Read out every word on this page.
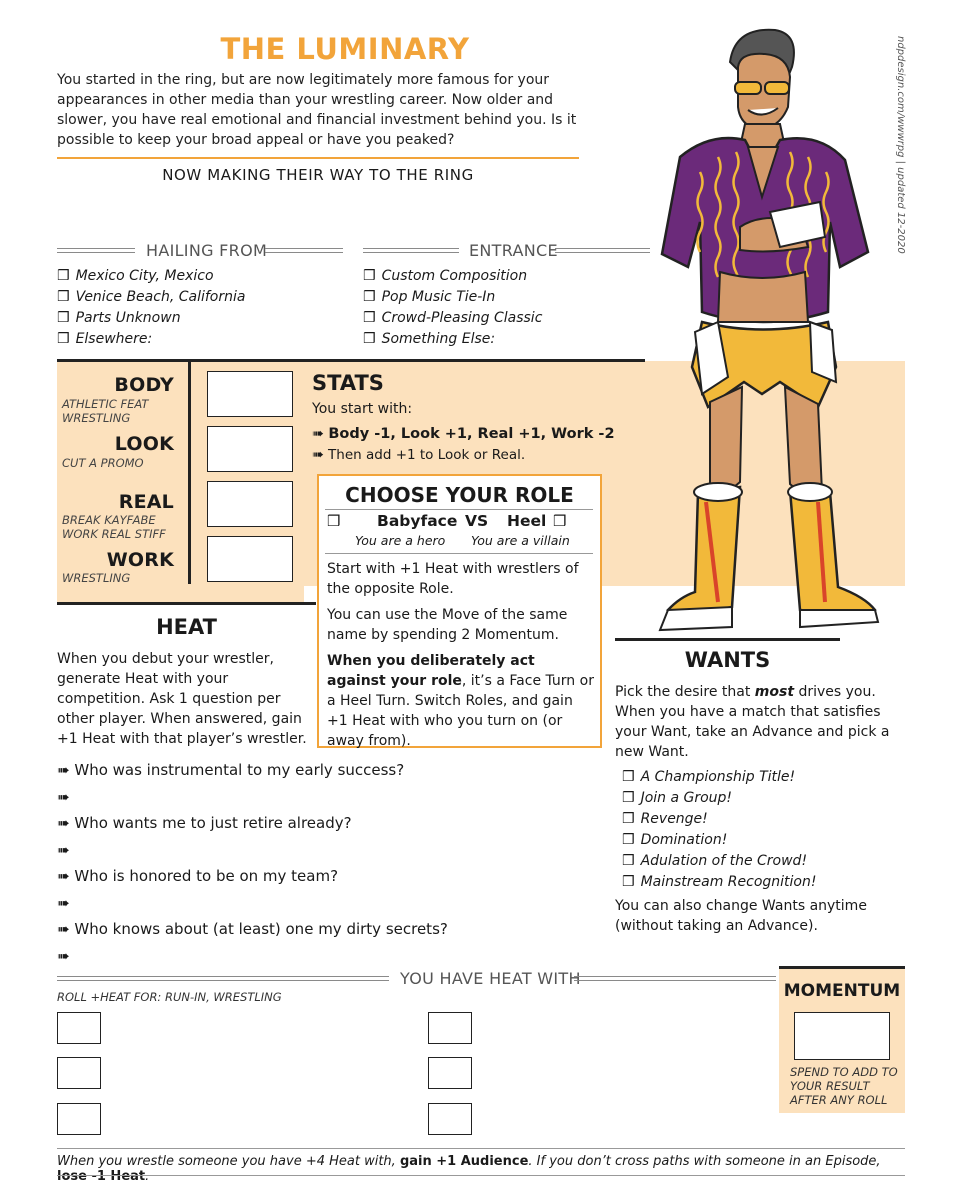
THE LUMINARY
You started in the ring, but are now legitimately more famous for your appearances in other media than your wrestling career. Now older and slower, you have real emotional and financial investment behind you. Is it possible to keep your broad appeal or have you peaked?
NOW MAKING THEIR WAY TO THE RING	ndpdesign.com/wwwrpg | updated 12-2020
HAILING FROM	ENTRANCE
❒ Mexico City, Mexico
❒ Venice Beach, California
❒ Parts Unknown
❒ Elsewhere:
❒ Custom Composition
❒ Pop Music Tie-In
❒ Crowd-Pleasing Classic
❒ Something Else:
BODY
ATHLETIC FEAT
WRESTLING
LOOK
CUT A PROMO
REAL
BREAK KAYFABE
WORK REAL STIFF
WORK
WRESTLING
STATS
You start with:
➠ Body -1, Look +1, Real +1, Work -2
➠ Then add +1 to Look or Real.
CHOOSE YOUR ROLE
❒ Babyface VS Heel ❒
You are a hero You are a villain
Start with +1 Heat with wrestlers of the opposite Role.
You can use the Move of the same name by spending 2 Momentum.
When you deliberately act against your role, it’s a Face Turn or a Heel Turn. Switch Roles, and gain +1 Heat with who you turn on (or away from).
HEAT
When you debut your wrestler, generate Heat with your competition. Ask 1 question per other player. When answered, gain +1 Heat with that player’s wrestler.
➠ Who was instrumental to my early success?
➠
➠ Who wants me to just retire already?
➠
➠ Who is honored to be on my team?
➠
➠ Who knows about (at least) one my dirty secrets?
➠
WANTS
Pick the desire that most drives you. When you have a match that satisfies your Want, take an Advance and pick a new Want.
❒ A Championship Title!
❒ Join a Group!
❒ Revenge!
❒ Domination!
❒ Adulation of the Crowd!
❒ Mainstream Recognition!
You can also change Wants anytime (without taking an Advance).
YOU HAVE HEAT WITH
ROLL +HEAT FOR: RUN-IN, WRESTLING	MOMENTUM
SPEND TO ADD TO YOUR RESULT AFTER ANY ROLL
When you wrestle someone you have +4 Heat with, gain +1 Audience. If you don’t cross paths with someone in an Episode, lose -1 Heat.
